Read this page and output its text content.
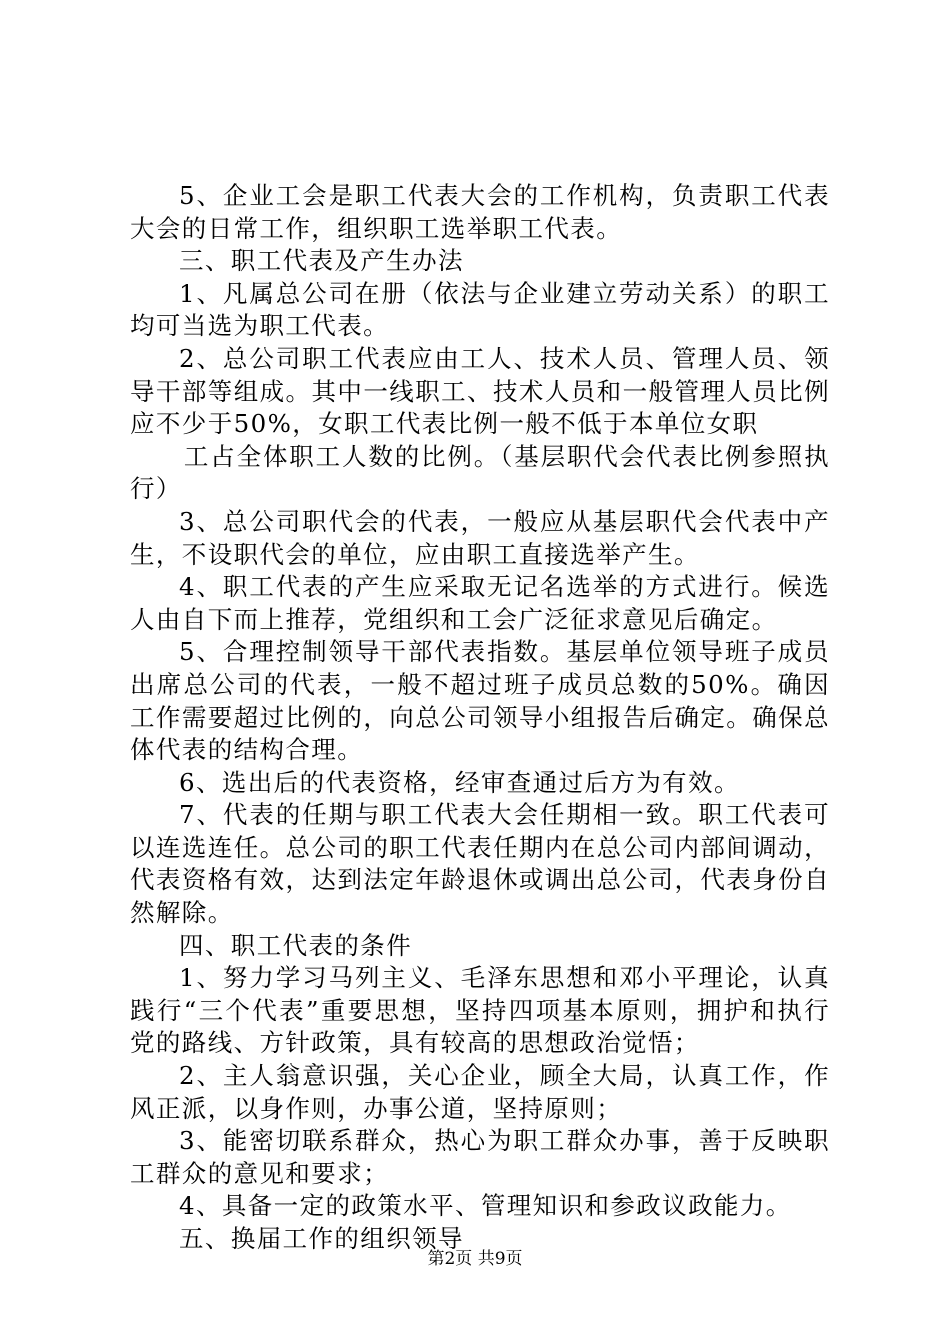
5、企业工会是职工代表大会的工作机构，负责职工代表大会的日常工作，组织职工选举职工代表。

三、职工代表及产生办法

1、凡属总公司在册（依法与企业建立劳动关系）的职工均可当选为职工代表。

2、总公司职工代表应由工人、技术人员、管理人员、领导干部等组成。其中一线职工、技术人员和一般管理人员比例应不少于50%，女职工代表比例一般不低于本单位女职

工占全体职工人数的比例。（基层职代会代表比例参照执行）

3、总公司职代会的代表，一般应从基层职代会代表中产生，不设职代会的单位，应由职工直接选举产生。

4、职工代表的产生应采取无记名选举的方式进行。候选人由自下而上推荐，党组织和工会广泛征求意见后确定。

5、合理控制领导干部代表指数。基层单位领导班子成员出席总公司的代表，一般不超过班子成员总数的50%。确因工作需要超过比例的，向总公司领导小组报告后确定。确保总体代表的结构合理。

6、选出后的代表资格，经审查通过后方为有效。

7、代表的任期与职工代表大会任期相一致。职工代表可以连选连任。总公司的职工代表任期内在总公司内部间调动，代表资格有效，达到法定年龄退休或调出总公司，代表身份自然解除。

四、职工代表的条件

1、努力学习马列主义、毛泽东思想和邓小平理论，认真践行“三个代表”重要思想，坚持四项基本原则，拥护和执行党的路线、方针政策，具有较高的思想政治觉悟；

2、主人翁意识强，关心企业，顾全大局，认真工作，作风正派，以身作则，办事公道，坚持原则；

3、能密切联系群众，热心为职工群众办事，善于反映职工群众的意见和要求；

4、具备一定的政策水平、管理知识和参政议政能力。

五、换届工作的组织领导

第2页 共9页
